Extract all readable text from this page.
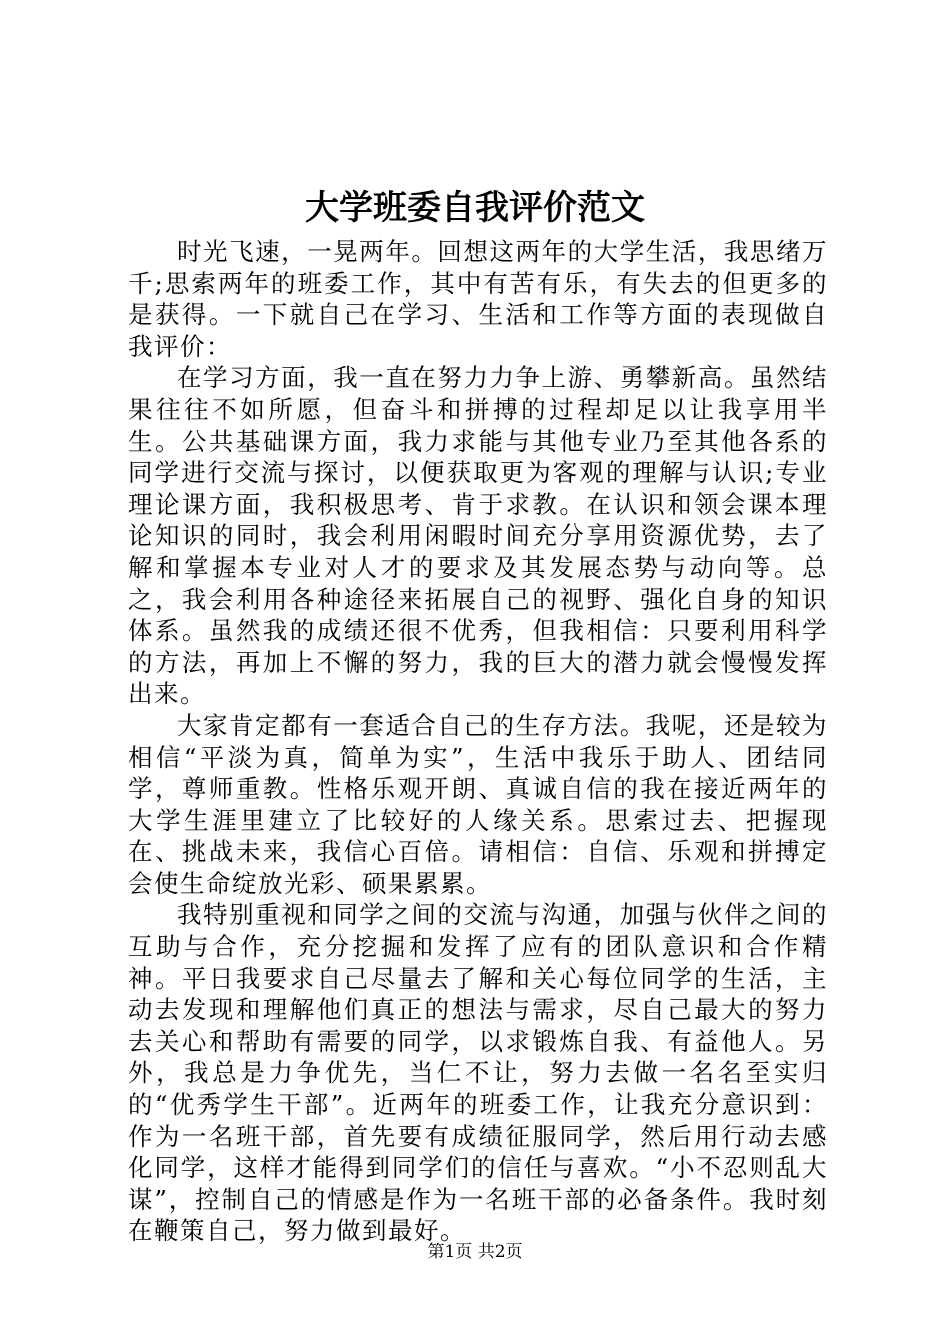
大学班委自我评价范文

时光飞速，一晃两年。回想这两年的大学生活，我思绪万千;思索两年的班委工作，其中有苦有乐，有失去的但更多的是获得。一下就自己在学习、生活和工作等方面的表现做自我评价：

在学习方面，我一直在努力力争上游、勇攀新高。虽然结果往往不如所愿，但奋斗和拼搏的过程却足以让我享用半生。公共基础课方面，我力求能与其他专业乃至其他各系的同学进行交流与探讨，以便获取更为客观的理解与认识;专业理论课方面，我积极思考、肯于求教。在认识和领会课本理论知识的同时，我会利用闲暇时间充分享用资源优势，去了解和掌握本专业对人才的要求及其发展态势与动向等。总之，我会利用各种途径来拓展自己的视野、强化自身的知识体系。虽然我的成绩还很不优秀，但我相信：只要利用科学的方法，再加上不懈的努力，我的巨大的潜力就会慢慢发挥出来。

大家肯定都有一套适合自己的生存方法。我呢，还是较为相信“平淡为真，简单为实”，生活中我乐于助人、团结同学，尊师重教。性格乐观开朗、真诚自信的我在接近两年的大学生涯里建立了比较好的人缘关系。思索过去、把握现在、挑战未来，我信心百倍。请相信：自信、乐观和拼搏定会使生命绽放光彩、硕果累累。

我特别重视和同学之间的交流与沟通，加强与伙伴之间的互助与合作，充分挖掘和发挥了应有的团队意识和合作精神。平日我要求自己尽量去了解和关心每位同学的生活，主动去发现和理解他们真正的想法与需求，尽自己最大的努力去关心和帮助有需要的同学，以求锻炼自我、有益他人。另外，我总是力争优先，当仁不让，努力去做一名名至实归的“优秀学生干部”。近两年的班委工作，让我充分意识到：作为一名班干部，首先要有成绩征服同学，然后用行动去感化同学，这样才能得到同学们的信任与喜欢。“小不忍则乱大谋”，控制自己的情感是作为一名班干部的必备条件。我时刻在鞭策自己，努力做到最好。

第1页 共2页
